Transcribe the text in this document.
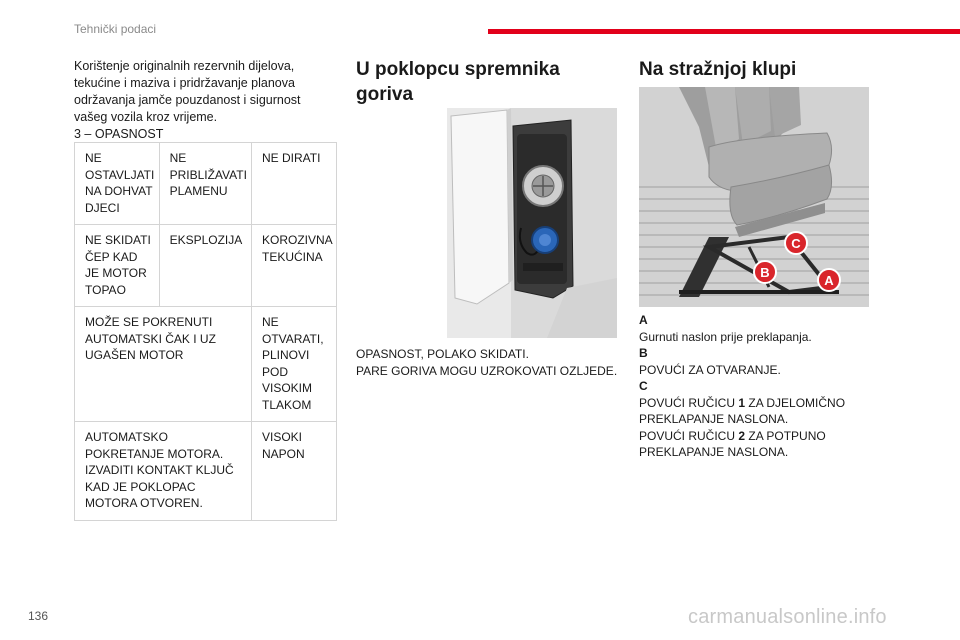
Tehnički podaci

Korištenje originalnih rezervnih dijelova, tekućine i maziva i pridržavanje planova održavanja jamče pouzdanost i sigurnost vašeg vozila kroz vrijeme.

3 – OPASNOST

NE OSTAVLJATI NA DOHVAT DJECI	NE PRIBLIŽAVATI PLAMENU	NE DIRATI
NE SKIDATI ČEP KAD JE MOTOR TOPAO	EKSPLOZIJA	KOROZIVNA TEKUĆINA
MOŽE SE POKRENUTI AUTOMATSKI ČAK I UZ UGAŠEN MOTOR		NE OTVARATI, PLINOVI POD VISOKIM TLAKOM
AUTOMATSKO POKRETANJE MOTORA. IZVADITI KONTAKT KLJUČ KAD JE POKLOPAC MOTORA OTVOREN.		VISOKI NAPON
U poklopcu spremnika goriva

OPASNOST, POLAKO SKIDATI.

PARE GORIVA MOGU UZROKOVATI OZLJEDE.

Na stražnjoj klupi
C
B
A

A

Gurnuti naslon prije preklapanja.

B

POVUĆI ZA OTVARANJE.

C

POVUĆI RUČICU 1 ZA DJELOMIČNO PREKLAPANJE NASLONA.

POVUĆI RUČICU 2 ZA POTPUNO PREKLAPANJE NASLONA.

136	carmanualsonline.info
